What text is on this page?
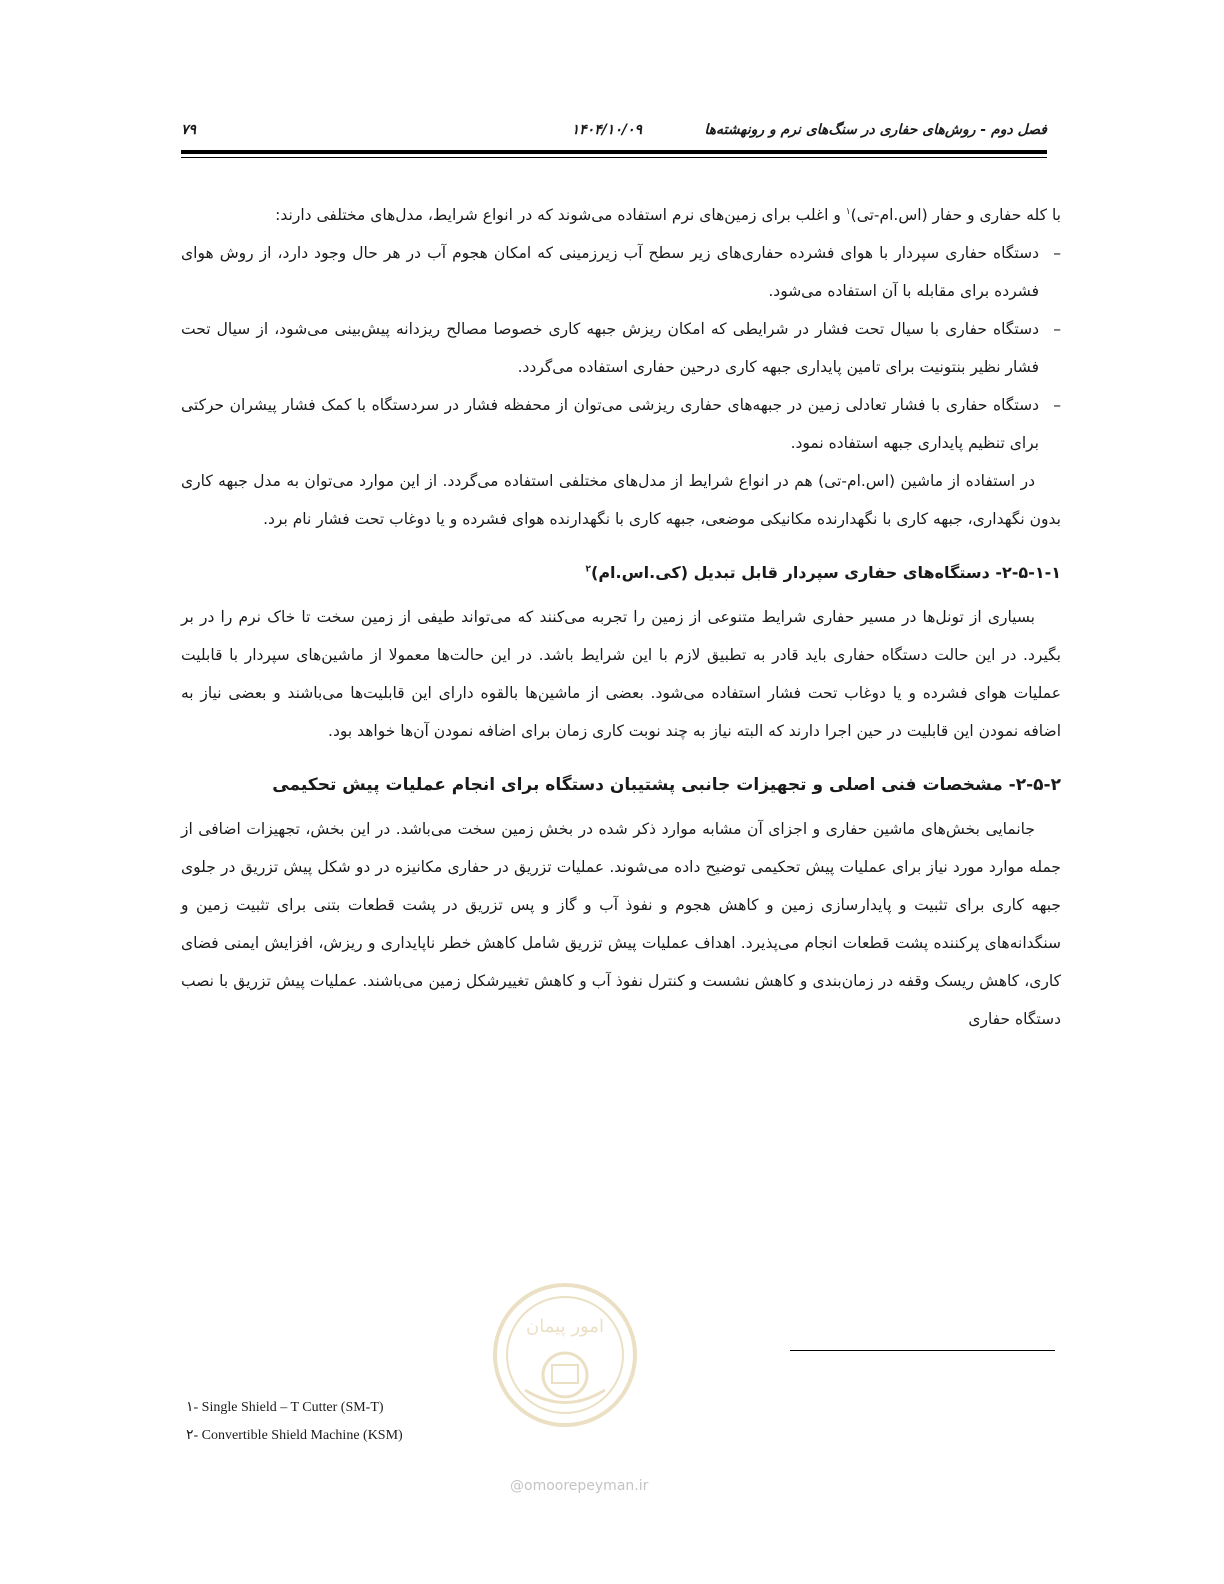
فصل دوم - روش‌های حفاری در سنگ‌های نرم و رونهشته‌ها
۱۴۰۴/۱۰/۰۹
۷۹

با کله حفاری و حفار (اس.ام-تی)$^۱$ و اغلب برای زمین‌های نرم استفاده می‌شوند که در انواع شرایط، مدل‌های مختلفی دارند:

–
دستگاه حفاری سپردار با هوای فشرده حفاری‌های زیر سطح آب زیرزمینی که امکان هجوم آب در هر حال وجود دارد، از روش هوای فشرده برای مقابله با آن استفاده می‌شود.
–
دستگاه حفاری با سیال تحت فشار در شرایطی که امکان ریزش جبهه کاری خصوصا مصالح ریزدانه پیش‌بینی می‌شود، از سیال تحت فشار نظیر بنتونیت برای تامین پایداری جبهه کاری درحین حفاری استفاده می‌گردد.
–
دستگاه حفاری با فشار تعادلی زمین در جبهه‌های حفاری ریزشی می‌توان از محفظه فشار در سردستگاه با کمک فشار پیشران حرکتی برای تنظیم پایداری جبهه استفاده نمود.

در استفاده از ماشین (اس.ام-تی) هم در انواع شرایط از مدل‌های مختلفی استفاده می‌گردد. از این موارد می‌توان به مدل جبهه کاری بدون نگهداری، جبهه کاری با نگهدارنده مکانیکی موضعی، جبهه کاری با نگهدارنده هوای فشرده و یا دوغاب تحت فشار نام برد.

۲-۵-۱-۱- دستگاه‌های حفاری سپردار قابل تبدیل (کی.اس.ام)$^۲$

بسیاری از تونل‌ها در مسیر حفاری شرایط متنوعی از زمین را تجربه می‌کنند که می‌تواند طیفی از زمین سخت تا خاک نرم را در بر بگیرد. در این حالت دستگاه حفاری باید قادر به تطبیق لازم با این شرایط باشد. در این حالت‌ها معمولا از ماشین‌های سپردار با قابلیت عملیات هوای فشرده و یا دوغاب تحت فشار استفاده می‌شود. بعضی از ماشین‌ها بالقوه دارای این قابلیت‌ها می‌باشند و بعضی نیاز به اضافه نمودن این قابلیت در حین اجرا دارند که البته نیاز به چند نوبت کاری زمان برای اضافه نمودن آن‌ها خواهد بود.

۲-۵-۲- مشخصات فنی اصلی و تجهیزات جانبی پشتیبان دستگاه برای انجام عملیات پیش تحکیمی

جانمایی بخش‌های ماشین حفاری و اجزای آن مشابه موارد ذکر شده در بخش زمین سخت می‌باشد. در این بخش، تجهیزات اضافی از جمله موارد مورد نیاز برای عملیات پیش تحکیمی توضیح داده می‌شوند. عملیات تزریق در حفاری مکانیزه در دو شکل پیش تزریق در جلوی جبهه کاری برای تثبیت و پایدارسازی زمین و کاهش هجوم و نفوذ آب و گاز و پس تزریق در پشت قطعات بتنی برای تثبیت زمین و سنگدانه‌های پرکننده پشت قطعات انجام می‌پذیرد. اهداف عملیات پیش تزریق شامل کاهش خطر ناپایداری و ریزش، افزایش ایمنی فضای کاری، کاهش ریسک وقفه در زمان‌بندی و کاهش نشست و کنترل نفوذ آب و کاهش تغییرشکل زمین می‌باشند. عملیات پیش تزریق با نصب دستگاه حفاری

امور پیمان
@omoorepeyman.ir
۱- Single Shield – T Cutter (SM-T)
۲- Convertible Shield Machine (KSM)
